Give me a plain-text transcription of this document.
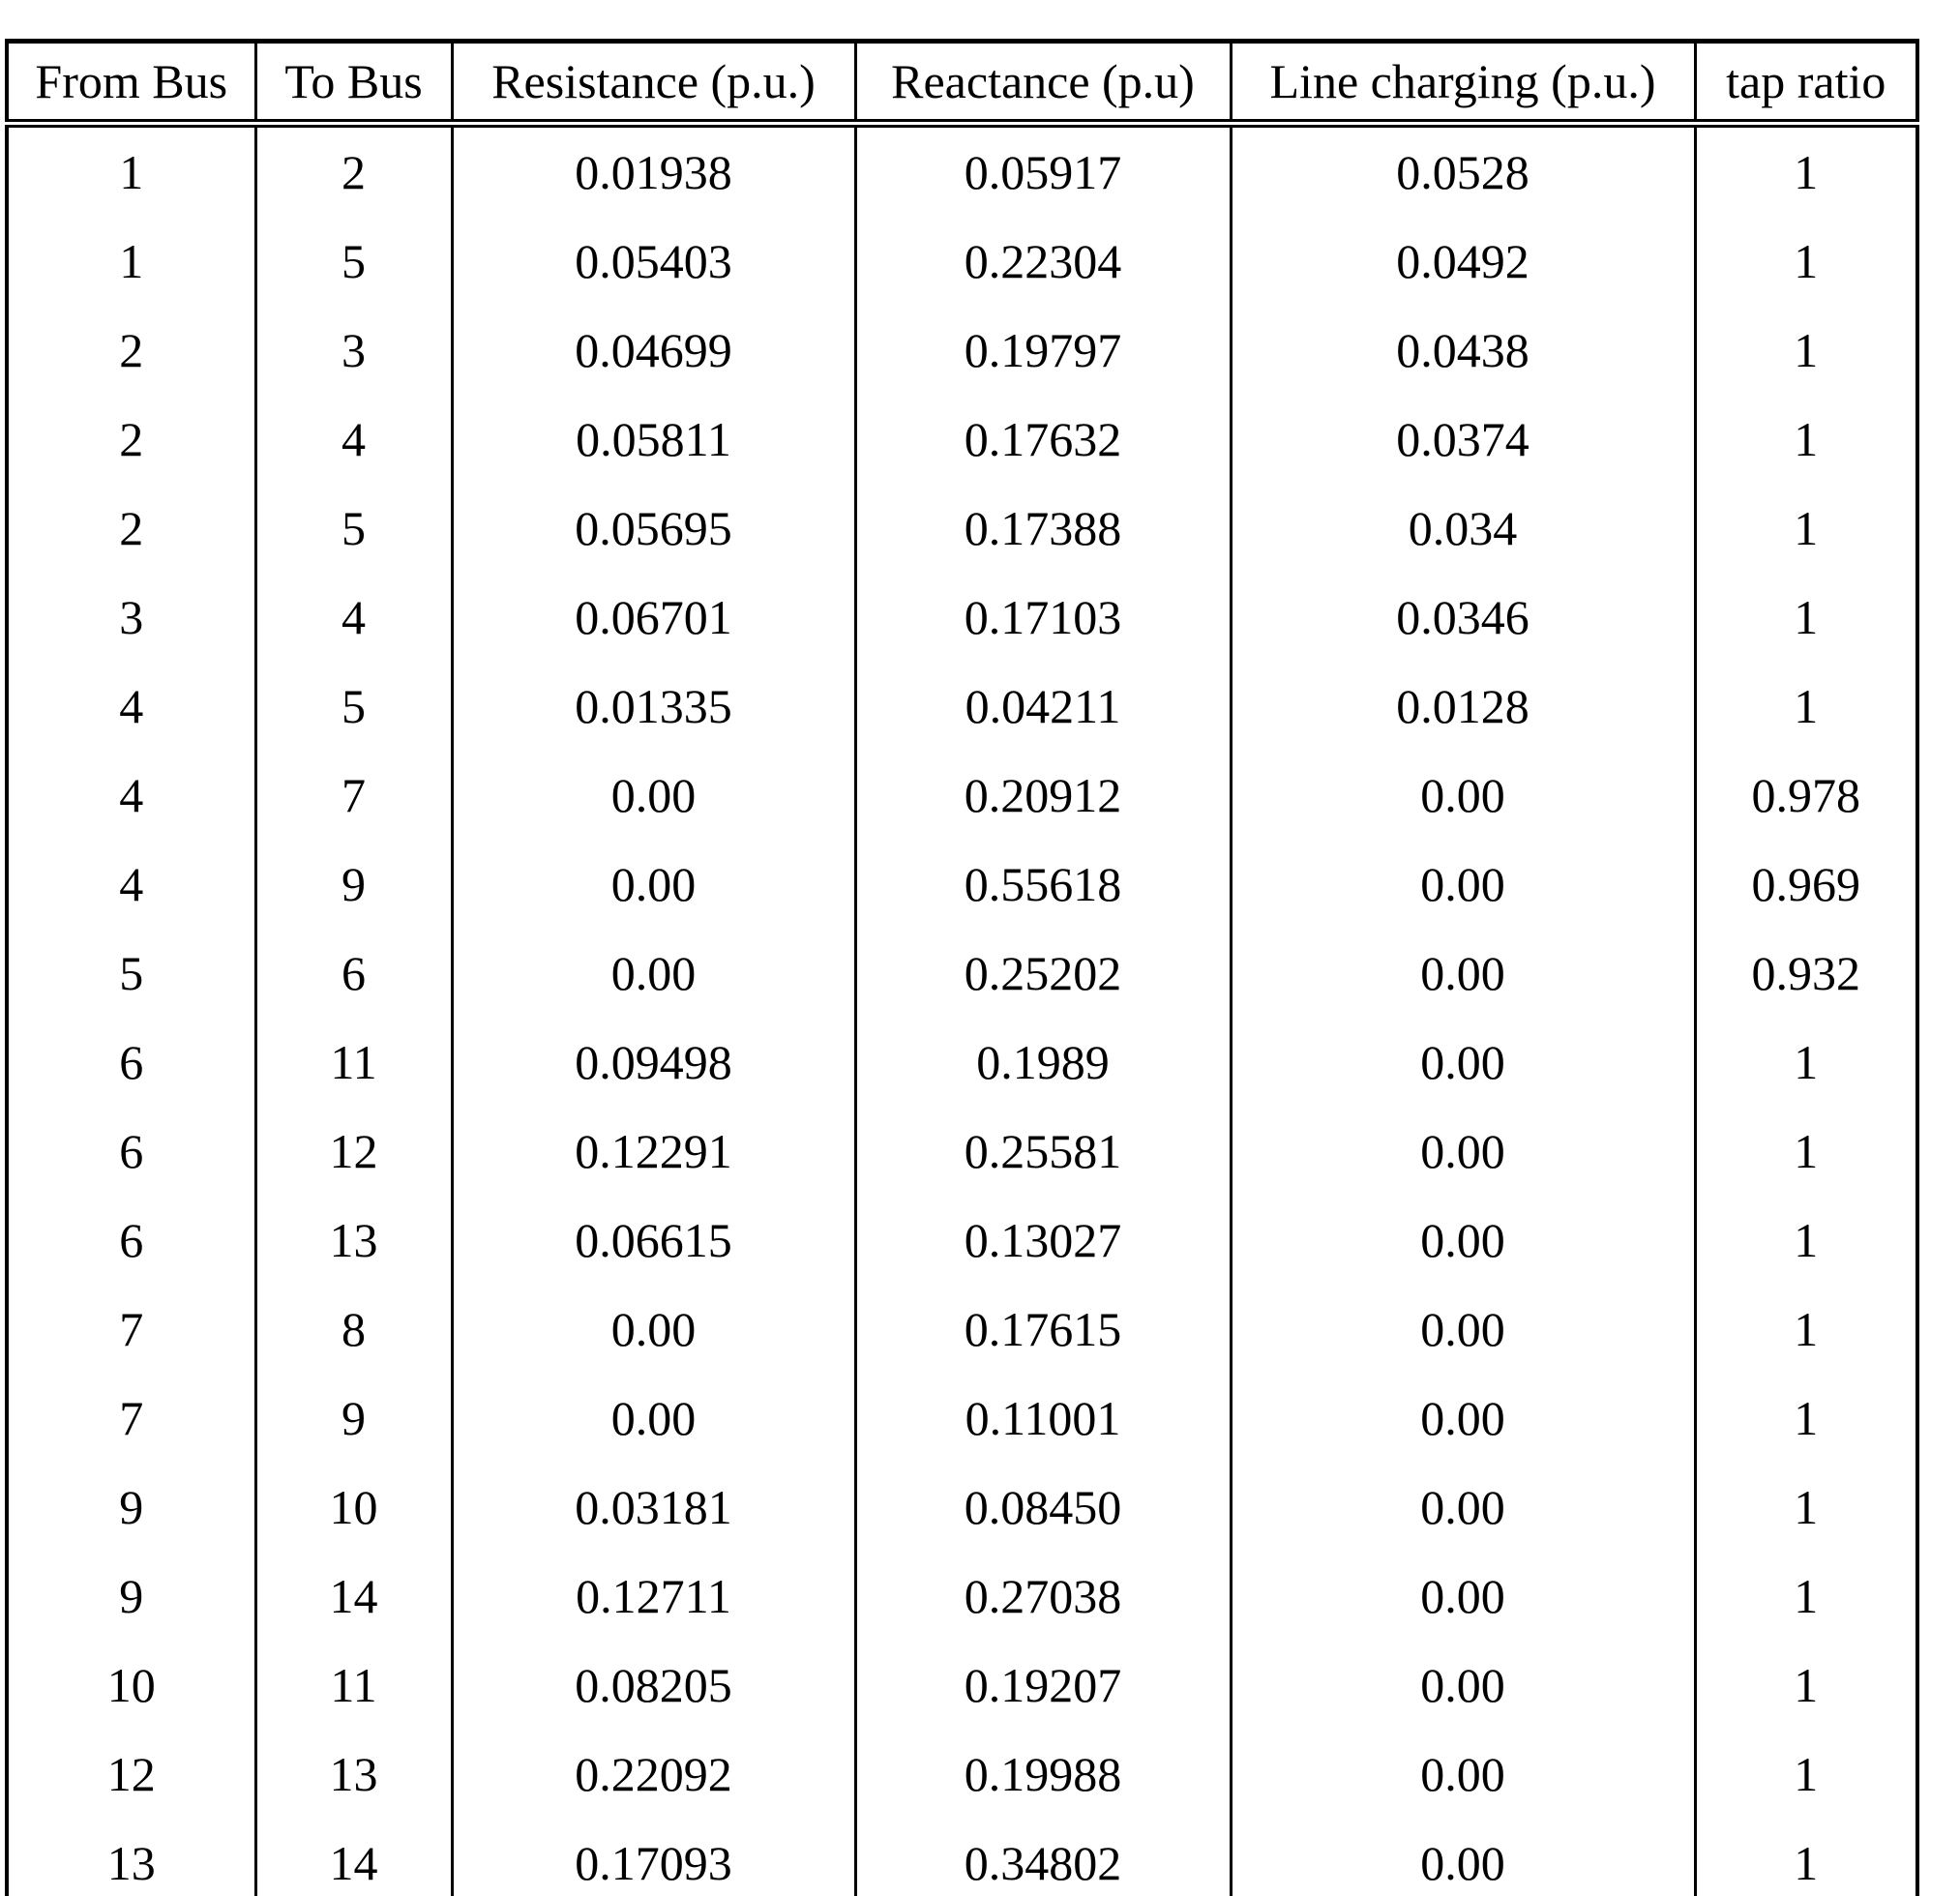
From Bus	To Bus	Resistance (p.u.)	Reactance (p.u)	Line charging (p.u.)	tap ratio
1	2	0.01938	0.05917	0.0528	1
1	5	0.05403	0.22304	0.0492	1
2	3	0.04699	0.19797	0.0438	1
2	4	0.05811	0.17632	0.0374	1
2	5	0.05695	0.17388	0.034	1
3	4	0.06701	0.17103	0.0346	1
4	5	0.01335	0.04211	0.0128	1
4	7	0.00	0.20912	0.00	0.978
4	9	0.00	0.55618	0.00	0.969
5	6	0.00	0.25202	0.00	0.932
6	11	0.09498	0.1989	0.00	1
6	12	0.12291	0.25581	0.00	1
6	13	0.06615	0.13027	0.00	1
7	8	0.00	0.17615	0.00	1
7	9	0.00	0.11001	0.00	1
9	10	0.03181	0.08450	0.00	1
9	14	0.12711	0.27038	0.00	1
10	11	0.08205	0.19207	0.00	1
12	13	0.22092	0.19988	0.00	1
13	14	0.17093	0.34802	0.00	1
